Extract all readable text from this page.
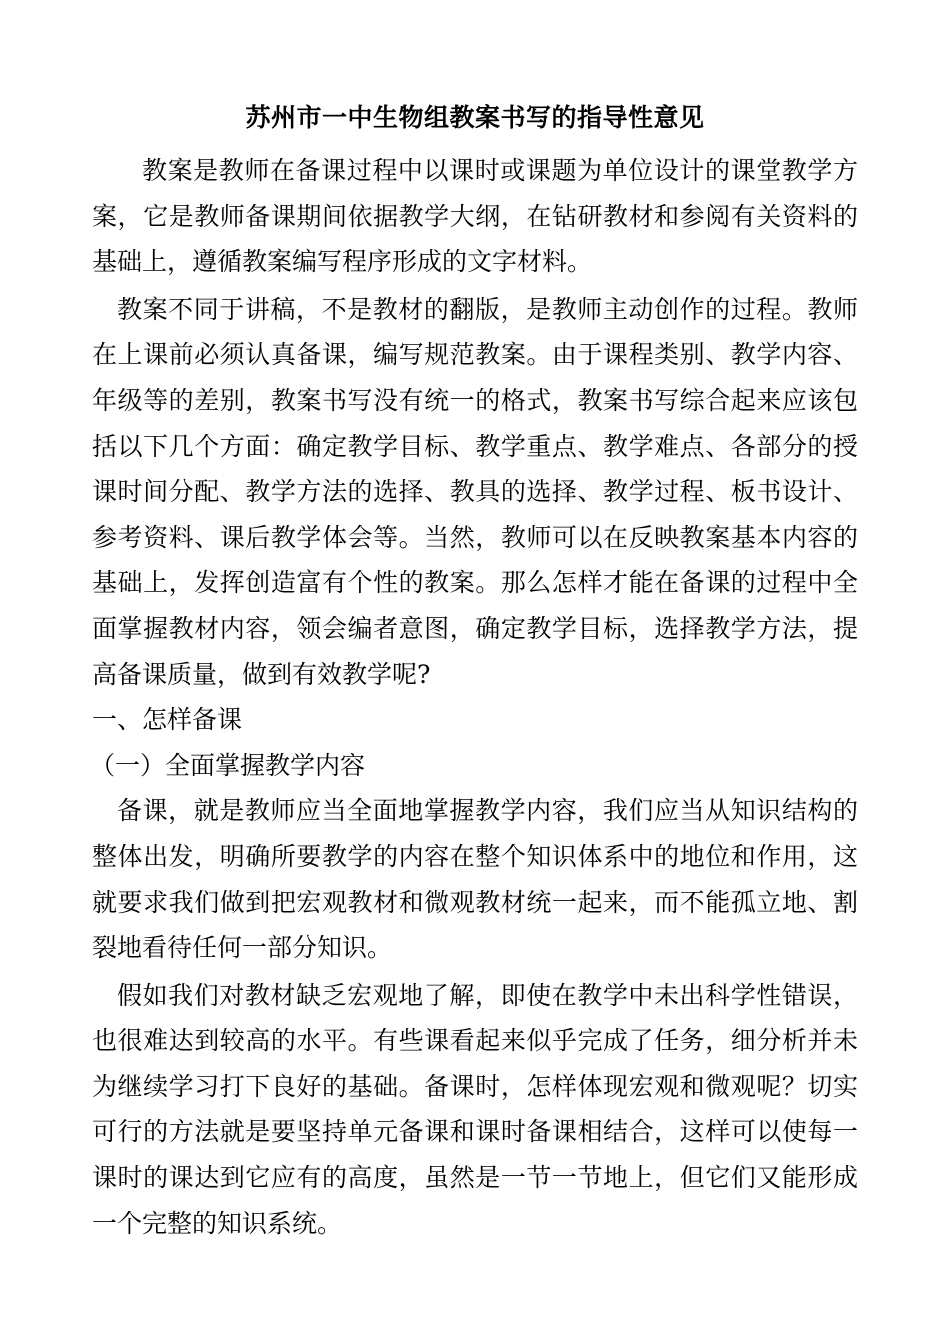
苏州市一中生物组教案书写的指导性意见

教案是教师在备课过程中以课时或课题为单位设计的课堂教学方案，它是教师备课期间依据教学大纲，在钻研教材和参阅有关资料的基础上，遵循教案编写程序形成的文字材料。

教案不同于讲稿，不是教材的翻版，是教师主动创作的过程。教师在上课前必须认真备课，编写规范教案。由于课程类别、教学内容、年级等的差别，教案书写没有统一的格式，教案书写综合起来应该包括以下几个方面：确定教学目标、教学重点、教学难点、各部分的授课时间分配、教学方法的选择、教具的选择、教学过程、板书设计、参考资料、课后教学体会等。当然，教师可以在反映教案基本内容的基础上，发挥创造富有个性的教案。那么怎样才能在备课的过程中全面掌握教材内容，领会编者意图，确定教学目标，选择教学方法，提高备课质量，做到有效教学呢?

一、怎样备课

（一）全面掌握教学内容

备课，就是教师应当全面地掌握教学内容，我们应当从知识结构的整体出发，明确所要教学的内容在整个知识体系中的地位和作用，这就要求我们做到把宏观教材和微观教材统一起来，而不能孤立地、割裂地看待任何一部分知识。

假如我们对教材缺乏宏观地了解，即使在教学中未出科学性错误，也很难达到较高的水平。有些课看起来似乎完成了任务，细分析并未为继续学习打下良好的基础。备课时，怎样体现宏观和微观呢？切实可行的方法就是要坚持单元备课和课时备课相结合，这样可以使每一课时的课达到它应有的高度，虽然是一节一节地上，但它们又能形成一个完整的知识系统。
